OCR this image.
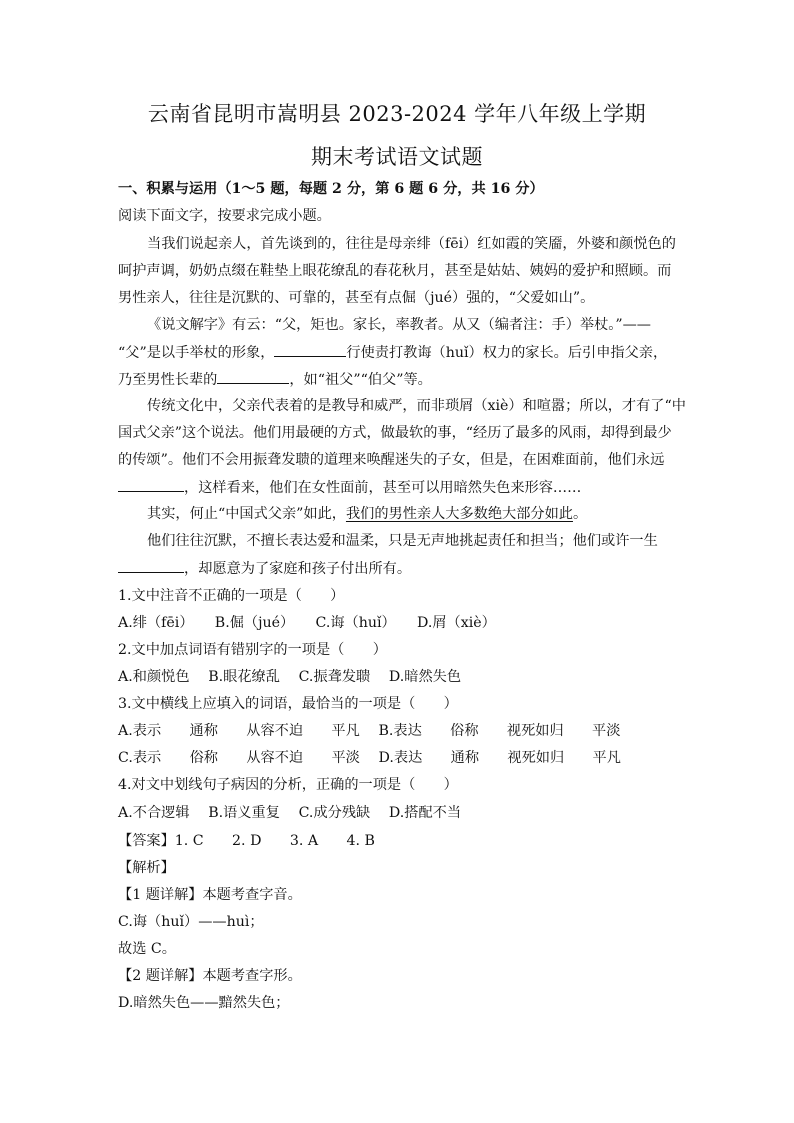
云南省昆明市嵩明县 2023-2024 学年八年级上学期
期末考试语文试题
一、积累与运用（1～5 题，每题 2 分，第 6 题 6 分，共 16 分）
阅读下面文字，按要求完成小题。
当我们说起亲人，首先谈到的，往往是母亲绯（fēi）红如霞的笑靥，外婆和颜悦色的
呵护声调，奶奶点缀在鞋垫上眼花缭乱的春花秋月，甚至是姑姑、姨妈的爱护和照顾。而
男性亲人，往往是沉默的、可靠的，甚至有点倔（jué）强的，“父爱如山”。
《说文解字》有云：“父，矩也。家长，率教者。从又（编者注：手）举杖。”——
“父”是以手举杖的形象，	行使责打教诲（huǐ）权力的家长。后引申指父亲，
乃至男性长辈的	，如“祖父”“伯父”等。
传统文化中，父亲代表着的是教导和威严，而非琐屑（xiè）和喧嚣；所以，才有了“中
国式父亲”这个说法。他们用最硬的方式，做最软的事，“经历了最多的风雨，却得到最少
的传颂”。他们不会用振聋发聩的道理来唤醒迷失的子女，但是，在困难面前，他们永远
，这样看来，他们在女性面前，甚至可以用暗然失色来形容……
其实，何止“中国式父亲”如此，我们的男性亲人大多数绝大部分如此。
他们往往沉默，不擅长表达爱和温柔，只是无声地挑起责任和担当；他们或许一生
，却愿意为了家庭和孩子付出所有。
1.文中注音不正确的一项是（　　）
A.绯（fēi）　　B.倔（jué）　　C.诲（huǐ）　　D.屑（xiè）
2.文中加点词语有错别字的一项是（　　）
A.和颜悦色　 B.眼花缭乱　 C.振聋发聩　 D.暗然失色
3.文中横线上应填入的词语，最恰当的一项是（　　）
A.表示　　通称　　从容不迫　　平凡　 B.表达　　俗称　　视死如归　　平淡
C.表示　　俗称　　从容不迫　　平淡　 D.表达　　通称　　视死如归　　平凡
4.对文中划线句子病因的分析，正确的一项是（　　）
A.不合逻辑　 B.语义重复　 C.成分残缺　 D.搭配不当
【答案】1. C　　2. D　　3. A　　4. B
【解析】
【1 题详解】本题考查字音。
C.诲（huǐ）——huì；
故选 C。
【2 题详解】本题考查字形。
D.暗然失色——黯然失色；
